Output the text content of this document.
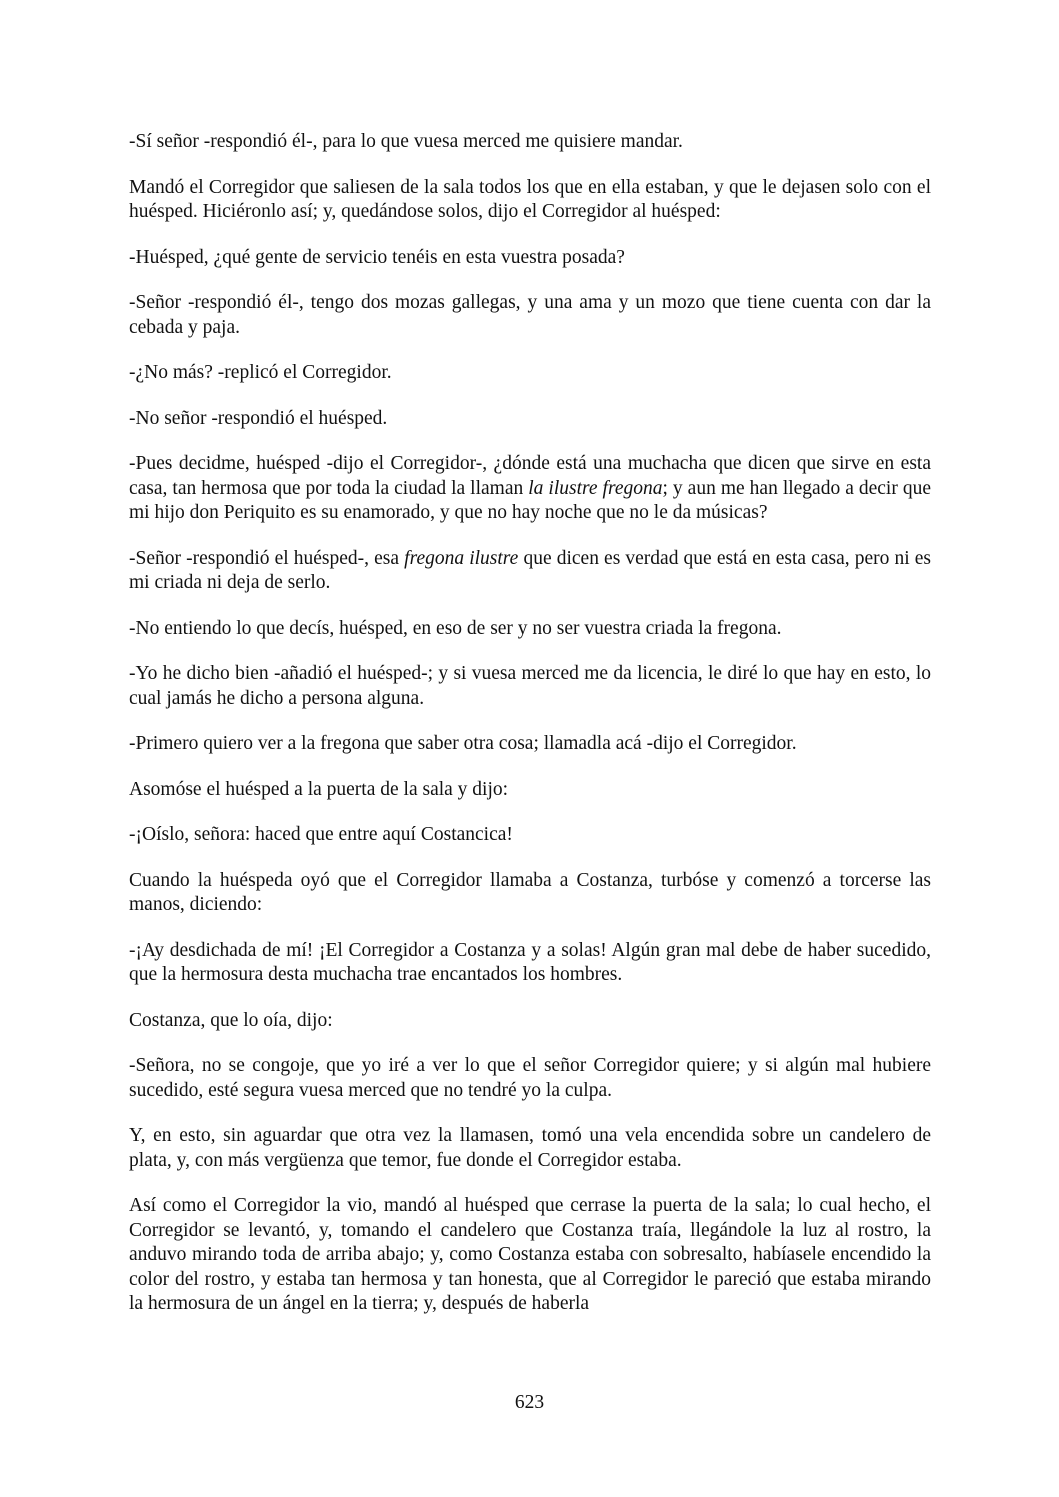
-Sí señor -respondió él-, para lo que vuesa merced me quisiere mandar.

Mandó el Corregidor que saliesen de la sala todos los que en ella estaban, y que le dejasen solo con el huésped. Hiciéronlo así; y, quedándose solos, dijo el Corregidor al huésped:

-Huésped, ¿qué gente de servicio tenéis en esta vuestra posada?

-Señor -respondió él-, tengo dos mozas gallegas, y una ama y un mozo que tiene cuenta con dar la cebada y paja.

-¿No más? -replicó el Corregidor.

-No señor -respondió el huésped.

-Pues decidme, huésped -dijo el Corregidor-, ¿dónde está una muchacha que dicen que sirve en esta casa, tan hermosa que por toda la ciudad la llaman la ilustre fregona; y aun me han llegado a decir que mi hijo don Periquito es su enamorado, y que no hay noche que no le da músicas?

-Señor -respondió el huésped-, esa fregona ilustre que dicen es verdad que está en esta casa, pero ni es mi criada ni deja de serlo.

-No entiendo lo que decís, huésped, en eso de ser y no ser vuestra criada la fregona.

-Yo he dicho bien -añadió el huésped-; y si vuesa merced me da licencia, le diré lo que hay en esto, lo cual jamás he dicho a persona alguna.

-Primero quiero ver a la fregona que saber otra cosa; llamadla acá -dijo el Corregidor.

Asomóse el huésped a la puerta de la sala y dijo:

-¡Oíslo, señora: haced que entre aquí Costancica!

Cuando la huéspeda oyó que el Corregidor llamaba a Costanza, turbóse y comenzó a torcerse las manos, diciendo:

-¡Ay desdichada de mí! ¡El Corregidor a Costanza y a solas! Algún gran mal debe de haber sucedido, que la hermosura desta muchacha trae encantados los hombres.

Costanza, que lo oía, dijo:

-Señora, no se congoje, que yo iré a ver lo que el señor Corregidor quiere; y si algún mal hubiere sucedido, esté segura vuesa merced que no tendré yo la culpa.

Y, en esto, sin aguardar que otra vez la llamasen, tomó una vela encendida sobre un candelero de plata, y, con más vergüenza que temor, fue donde el Corregidor estaba.

Así como el Corregidor la vio, mandó al huésped que cerrase la puerta de la sala; lo cual hecho, el Corregidor se levantó, y, tomando el candelero que Costanza traía, llegándole la luz al rostro, la anduvo mirando toda de arriba abajo; y, como Costanza estaba con sobresalto, habíasele encendido la color del rostro, y estaba tan hermosa y tan honesta, que al Corregidor le pareció que estaba mirando la hermosura de un ángel en la tierra; y, después de haberla

623
